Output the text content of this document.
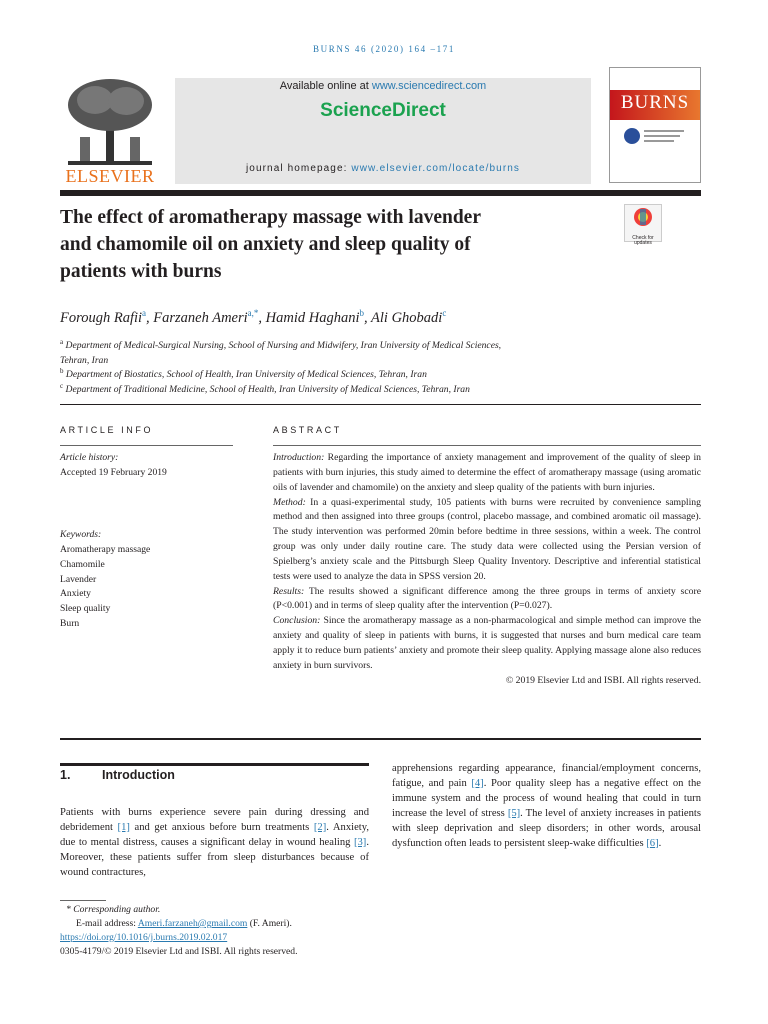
BURNS 46 (2020) 164 –171
ELSEVIER
Available online at www.sciencedirect.com
ScienceDirect
journal homepage: www.elsevier.com/locate/burns
BURNS
The effect of aromatherapy massage with lavender
and chamomile oil on anxiety and sleep quality of
patients with burns
Check for updates
Forough Rafii$^a$, Farzaneh Ameri$^{a,*}$, Hamid Haghani$^b$, Ali Ghobadi$^c$
$^a$ Department of Medical-Surgical Nursing, School of Nursing and Midwifery, Iran University of Medical Sciences,
Tehran, Iran
$^b$ Department of Biostatics, School of Health, Iran University of Medical Sciences, Tehran, Iran
$^c$ Department of Traditional Medicine, School of Health, Iran University of Medical Sciences, Tehran, Iran
ARTICLE INFO
Article history:
Accepted 19 February 2019
Keywords:
Aromatherapy massage
Chamomile
Lavender
Anxiety
Sleep quality
Burn
ABSTRACT
Introduction: Regarding the importance of anxiety management and improvement of the quality of sleep in patients with burn injuries, this study aimed to determine the effect of aromatherapy massage (using aromatic oils of lavender and chamomile) on the anxiety and sleep quality of the patients with burn injuries.
Method: In a quasi-experimental study, 105 patients with burns were recruited by convenience sampling method and then assigned into three groups (control, placebo massage, and combined aromatic oil massage). The study intervention was performed 20min before bedtime in three sessions, within a week. The control group was only under daily routine care. The study data were collected using the Persian version of Spielberg’s anxiety scale and the Pittsburgh Sleep Quality Inventory. Descriptive and inferential statistical tests were used to analyze the data in SPSS version 20.
Results: The results showed a significant difference among the three groups in terms of anxiety score (P<0.001) and in terms of sleep quality after the intervention (P=0.027).
Conclusion: Since the aromatherapy massage as a non-pharmacological and simple method can improve the anxiety and quality of sleep in patients with burns, it is suggested that nurses and burn medical care team apply it to reduce burn patients’ anxiety and promote their sleep quality. Applying massage alone also reduces anxiety in burn survivors.
© 2019 Elsevier Ltd and ISBI. All rights reserved.
1.	Introduction
Patients with burns experience severe pain during dressing and debridement [1] and get anxious before burn treatments [2]. Anxiety, due to mental distress, causes a significant delay in wound healing [3]. Moreover, these patients suffer from sleep disturbances because of wound contractures,
apprehensions regarding appearance, financial/employment concerns, fatigue, and pain [4]. Poor quality sleep has a negative effect on the immune system and the process of wound healing that could in turn increase the level of stress [5]. The level of anxiety increases in patients with sleep deprivation and sleep disorders; in other words, arousal dysfunction often leads to persistent sleep-wake difficulties [6].
* Corresponding author.
E-mail address: Ameri.farzaneh@gmail.com (F. Ameri).
https://doi.org/10.1016/j.burns.2019.02.017
0305-4179/© 2019 Elsevier Ltd and ISBI. All rights reserved.
